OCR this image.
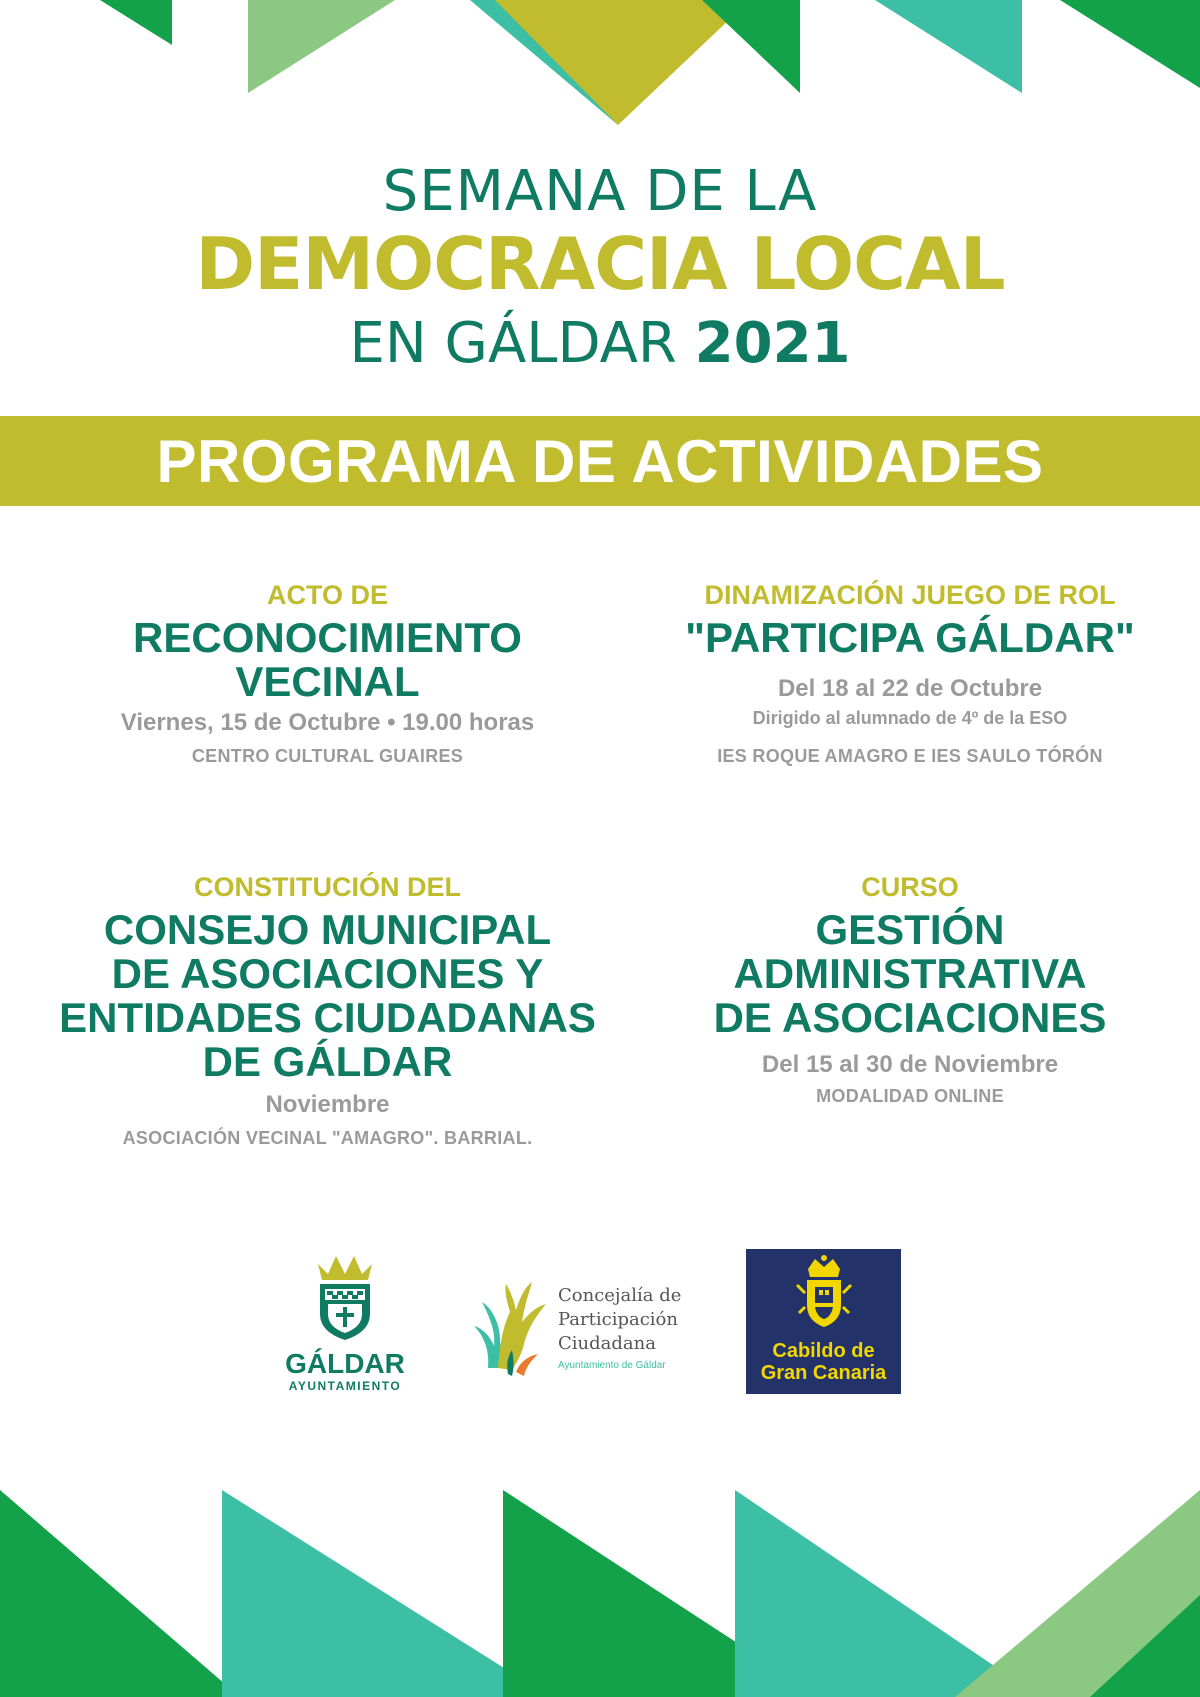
SEMANA DE LA
DEMOCRACIA LOCAL
EN GÁLDAR 2021
PROGRAMA DE ACTIVIDADES
ACTO DE
RECONOCIMIENTO
VECINAL
Viernes, 15 de Octubre • 19.00 horas
CENTRO CULTURAL GUAIRES
DINAMIZACIÓN JUEGO DE ROL
"PARTICIPA GÁLDAR"
Del 18 al 22 de Octubre
Dirigido al alumnado de 4º de la ESO
IES ROQUE AMAGRO E IES SAULO TÓRÓN
CONSTITUCIÓN DEL
CONSEJO MUNICIPAL
DE ASOCIACIONES Y
ENTIDADES CIUDADANAS
DE GÁLDAR
Noviembre
ASOCIACIÓN VECINAL "AMAGRO". BARRIAL.
CURSO
GESTIÓN
ADMINISTRATIVA
DE ASOCIACIONES
Del 15 al 30 de Noviembre
MODALIDAD ONLINE
GÁLDAR
AYUNTAMIENTO
Concejalía de
Participación
Ciudadana
Ayuntamiento de Gáldar
Cabildo de
Gran Canaria
